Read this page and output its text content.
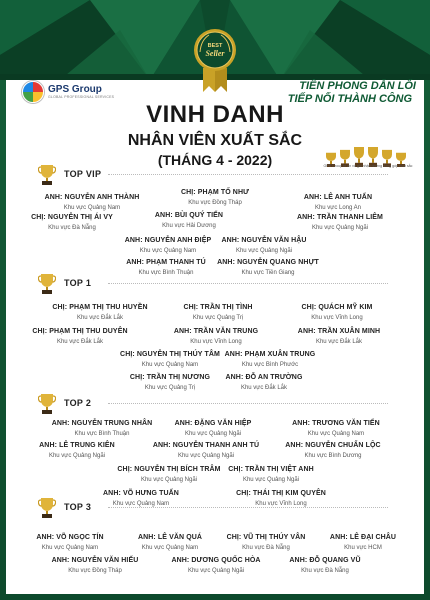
BEST
Seller
GPS Group
GLOBAL PROFESSIONAL SERVICES
TIÊN PHONG DẪN LỐI
TIẾP NỐI THÀNH CÔNG
VINH DANH
NHÂN VIÊN XUẤT SẮC
(THÁNG 4 - 2022)	GPS Group tri ân và ghi nhận những đóng góp xuất sắc
TOP VIP
ANH: NGUYỄN ANH THÀNH
Khu vực Quảng Nam
CHỊ: PHẠM TỐ NHƯ
Khu vực Đồng Tháp
ANH: LÊ ANH TUẤN
Khu vực Long An
CHỊ: NGUYỄN THỊ ÁI VY
Khu vực Đà Nẵng
ANH: BÙI QUÝ TIẾN
Khu vực Hải Dương
ANH: TRẦN THANH LIÊM
Khu vực Quảng Ngãi
ANH: NGUYỄN ANH ĐIỆP
Khu vực Quảng Nam
ANH: NGUYỄN VĂN HẬU
Khu vực Quảng Ngãi
ANH: PHẠM THANH TÚ
Khu vực Bình Thuận
ANH: NGUYỄN QUANG NHỰT
Khu vực Tiền Giang
TOP 1
CHỊ: PHẠM THỊ THU HUYỀN
Khu vực Đắk Lắk
CHỊ: TRẦN THỊ TÌNH
Khu vực Quảng Trị
CHỊ: QUÁCH MỸ KIM
Khu vực Vĩnh Long
CHỊ: PHẠM THỊ THU DUYÊN
Khu vực Đắk Lắk
ANH: TRẦN VĂN TRUNG
Khu vực Vĩnh Long
ANH: TRẦN XUÂN MINH
Khu vực Đắk Lắk
CHỊ: NGUYỄN THỊ THÚY TÂM
Khu vực Quảng Nam
ANH: PHẠM XUÂN TRUNG
Khu vực Bình Phước
CHỊ: TRẦN THỊ NƯƠNG
Khu vực Quảng Trị
ANH: ĐỖ AN TRƯỜNG
Khu vực Đắk Lắk
TOP 2
ANH: NGUYỄN TRUNG NHÂN
Khu vực Bình Thuận
ANH: ĐẶNG VĂN HIỆP
Khu vực Quảng Ngãi
ANH: TRƯƠNG VĂN TIẾN
Khu vực Quảng Nam
ANH: LÊ TRUNG KIÊN
Khu vực Quảng Ngãi
ANH: NGUYỄN THANH ANH TÚ
Khu vực Quảng Ngãi
ANH: NGUYỄN CHUẨN LỘC
Khu vực Bình Dương
CHỊ: NGUYỄN THỊ BÍCH TRÂM
Khu vực Quảng Ngãi
CHỊ: TRẦN THỊ VIỆT ANH
Khu vực Quảng Ngãi
ANH: VÕ HƯNG TUẤN
Khu vực Quảng Nam
CHỊ: THÁI THỊ KIM QUYÊN
Khu vực Vĩnh Long
TOP 3
ANH: VÕ NGỌC TÍN
Khu vực Quảng Nam
ANH: LÊ VĂN QUÁ
Khu vực Quảng Nam
CHỊ: VŨ THỊ THÚY VÂN
Khu vực Đà Nẵng
ANH: LÊ ĐẠI CHÂU
Khu vực HCM
ANH: NGUYỄN VĂN HIẾU
Khu vực Đồng Tháp
ANH: DƯƠNG QUỐC HÒA
Khu vực Quảng Ngãi
ANH: ĐỖ QUANG VŨ
Khu vực Đà Nẵng
